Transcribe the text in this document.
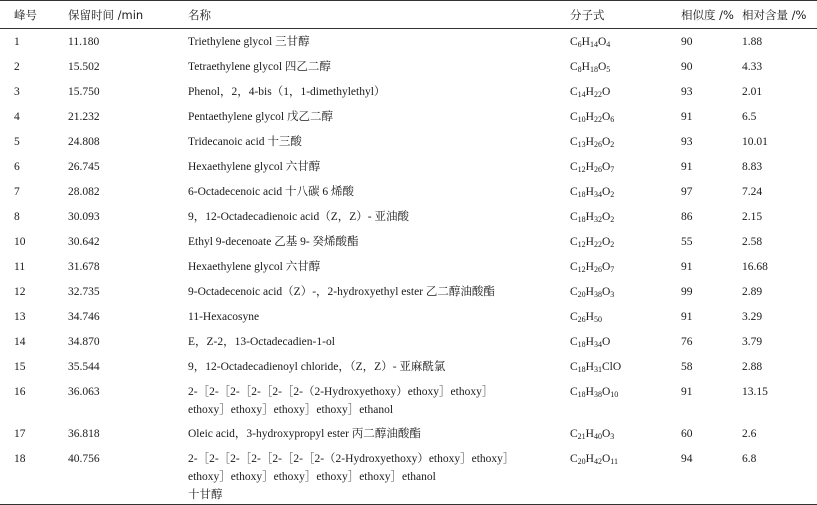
峰号	保留时间 /min	名称	分子式	相似度 /%	相对含量 /%
1	11.180	Triethylene glycol 三甘醇	$C_6H_{14}O_4$	90	1.88
2	15.502	Tetraethylene glycol 四乙二醇	$C_8H_{18}O_5$	90	4.33
3	15.750	Phenol，2，4-bis（1，1-dimethylethyl）	$C_{14}H_{22}O$	93	2.01
4	21.232	Pentaethylene glycol 戊乙二醇	$C_{10}H_{22}O_6$	91	6.5
5	24.808	Tridecanoic acid 十三酸	$C_{13}H_{26}O_2$	93	10.01
6	26.745	Hexaethylene glycol 六甘醇	$C_{12}H_{26}O_7$	91	8.83
7	28.082	6-Octadecenoic acid 十八碳 6 烯酸	$C_{18}H_{34}O_2$	97	7.24
8	30.093	9，12-Octadecadienoic acid（Z，Z）- 亚油酸	$C_{18}H_{32}O_2$	86	2.15
10	30.642	Ethyl 9-decenoate 乙基 9- 癸烯酸酯	$C_{12}H_{22}O_2$	55	2.58
11	31.678	Hexaethylene glycol 六甘醇	$C_{12}H_{26}O_7$	91	16.68
12	32.735	9-Octadecenoic acid（Z）-，2-hydroxyethyl ester 乙二醇油酸酯	$C_{20}H_{38}O_3$	99	2.89
13	34.746	11-Hexacosyne	$C_{26}H_{50}$	91	3.29
14	34.870	E，Z-2，13-Octadecadien-1-ol	$C_{18}H_{34}O$	76	3.79
15	35.544	9，12-Octadecadienoyl chloride，（Z，Z）- 亚麻酰氯	$C_{18}H_{31}ClO$	58	2.88
16	36.063	2-［2-［2-［2-［2-［2-（2-Hydroxyethoxy）ethoxy］ethoxy］
ethoxy］ethoxy］ethoxy］ethoxy］ethanol	$C_{18}H_{38}O_{10}$	91	13.15
17	36.818	Oleic acid，3-hydroxypropyl ester 丙二醇油酸酯	$C_{21}H_{40}O_3$	60	2.6
18	40.756	2-［2-［2-［2-［2-［2-［2-（2-Hydroxyethoxy）ethoxy］ethoxy］
ethoxy］ethoxy］ethoxy］ethoxy］ethoxy］ethanol
十甘醇	$C_{20}H_{42}O_{11}$	94	6.8
